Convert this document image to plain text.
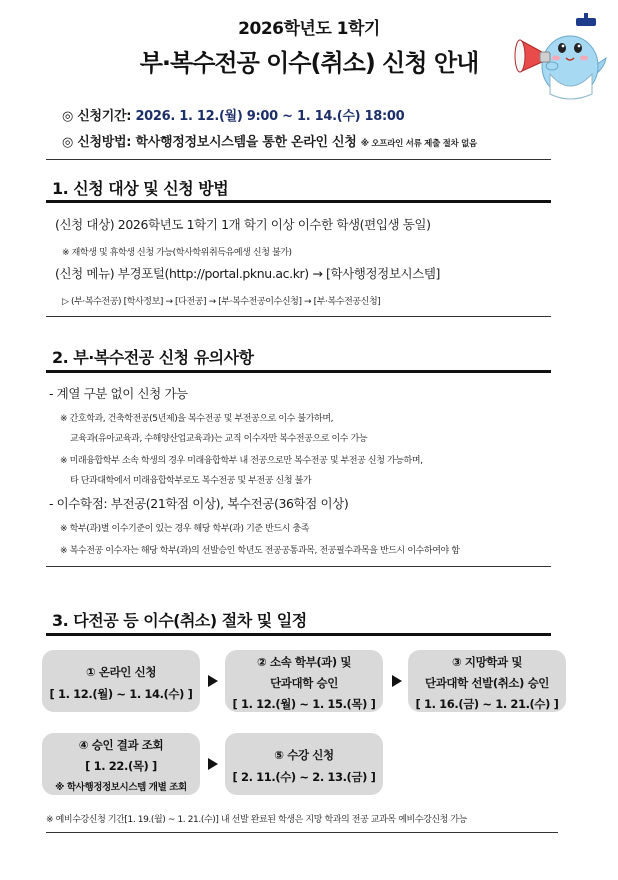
2026학년도 1학기
부·복수전공 이수(취소) 신청 안내
◎ 신청기간: 2026. 1. 12.(월) 9:00 ~ 1. 14.(수) 18:00
◎ 신청방법: 학사행정정보시스템을 통한 온라인 신청 ※ 오프라인 서류 제출 절차 없음
1. 신청 대상 및 신청 방법
(신청 대상) 2026학년도 1학기 1개 학기 이상 이수한 학생(편입생 동일)
※ 재학생 및 휴학생 신청 가능(학사학위취득유예생 신청 불가)
(신청 메뉴) 부경포털(http://portal.pknu.ac.kr) → [학사행정정보시스템]
▷ (부·복수전공) [학사정보] → [다전공] → [부·복수전공이수신청] → [부·복수전공신청]
2. 부·복수전공 신청 유의사항
- 계열 구분 없이 신청 가능
※ 간호학과, 건축학전공(5년제)을 복수전공 및 부전공으로 이수 불가하며,
교육과(유아교육과, 수해양산업교육과)는 교직 이수자만 복수전공으로 이수 가능
※ 미래융합학부 소속 학생의 경우 미래융합학부 내 전공으로만 복수전공 및 부전공 신청 가능하며,
타 단과대학에서 미래융합학부로도 복수전공 및 부전공 신청 불가
- 이수학점: 부전공(21학점 이상), 복수전공(36학점 이상)
※ 학부(과)별 이수기준이 있는 경우 해당 학부(과) 기준 반드시 충족
※ 복수전공 이수자는 해당 학부(과)의 선발승인 학년도 전공공통과목, 전공필수과목을 반드시 이수하여야 함
3. 다전공 등 이수(취소) 절차 및 일정
① 온라인 신청
[ 1. 12.(월) ~ 1. 14.(수) ]
② 소속 학부(과) 및
단과대학 승인
[ 1. 12.(월) ~ 1. 15.(목) ]
③ 지망학과 및
단과대학 선발(취소) 승인
[ 1. 16.(금) ~ 1. 21.(수) ]
④ 승인 결과 조회
[ 1. 22.(목) ]
※ 학사행정정보시스템 개별 조회
⑤ 수강 신청
[ 2. 11.(수) ~ 2. 13.(금) ]
※ 예비수강신청 기간[1. 19.(월) ~ 1. 21.(수)] 내 선발 완료된 학생은 지망 학과의 전공 교과목 예비수강신청 가능
